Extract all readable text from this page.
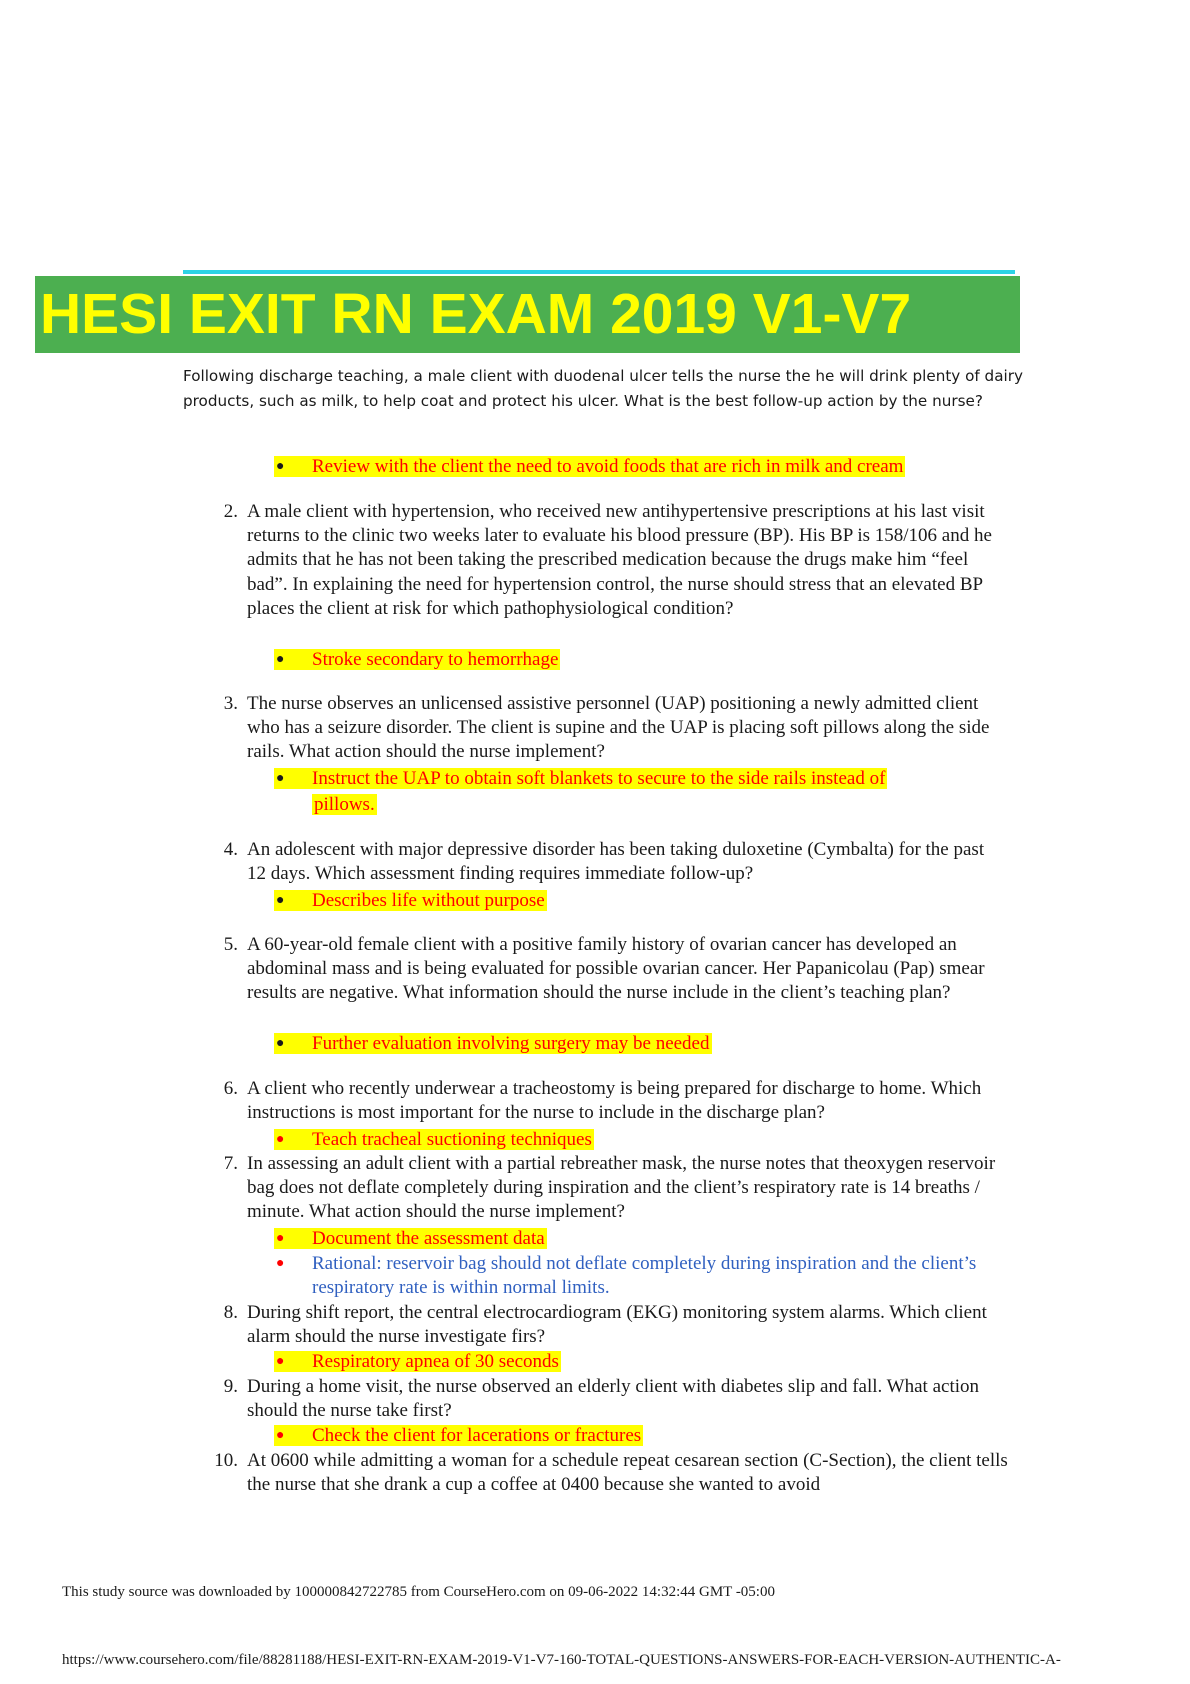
HESI EXIT RN EXAM 2019 V1-V7
Following discharge teaching, a male client with duodenal ulcer tells the nurse the he will drink plenty of dairy products, such as milk, to help coat and protect his ulcer. What is the best follow-up action by the nurse?
●	Review with the client the need to avoid foods that are rich in milk and cream
2. A male client with hypertension, who received new antihypertensive prescriptions at his last visit returns to the clinic two weeks later to evaluate his blood pressure (BP). His BP is 158/106 and he admits that he has not been taking the prescribed medication because the drugs make him “feel bad”. In explaining the need for hypertension control, the nurse should stress that an elevated BP places the client at risk for which pathophysiological condition?

●	Stroke secondary to hemorrhage
3. The nurse observes an unlicensed assistive personnel (UAP) positioning a newly admitted client who has a seizure disorder. The client is supine and the UAP is placing soft pillows along the side rails. What action should the nurse implement?

●	Instruct the UAP to obtain soft blankets to secure to the side rails instead of
pillows.
4. An adolescent with major depressive disorder has been taking duloxetine (Cymbalta) for the past 12 days. Which assessment finding requires immediate follow-up?

●	Describes life without purpose
5. A 60-year-old female client with a positive family history of ovarian cancer has developed an abdominal mass and is being evaluated for possible ovarian cancer. Her Papanicolau (Pap) smear results are negative. What information should the nurse include in the client’s teaching plan?

●	Further evaluation involving surgery may be needed
6. A client who recently underwear a tracheostomy is being prepared for discharge to home. Which instructions is most important for the nurse to include in the discharge plan?

●	Teach tracheal suctioning techniques
7. In assessing an adult client with a partial rebreather mask, the nurse notes that theoxygen reservoir bag does not deflate completely during inspiration and the client’s respiratory rate is 14 breaths / minute. What action should the nurse implement?

●	Document the assessment data
●	Rational: reservoir bag should not deflate completely during inspiration and the client’s respiratory rate is within normal limits.
8. During shift report, the central electrocardiogram (EKG) monitoring system alarms. Which client alarm should the nurse investigate firs?

●	Respiratory apnea of 30 seconds
9. During a home visit, the nurse observed an elderly client with diabetes slip and fall. What action should the nurse take first?

●	Check the client for lacerations or fractures
10. At 0600 while admitting a woman for a schedule repeat cesarean section (C-Section), the client tells the nurse that she drank a cup a coffee at 0400 because she wanted to avoid

This study source was downloaded by 100000842722785 from CourseHero.com on 09-06-2022 14:32:44 GMT -05:00
https://www.coursehero.com/file/88281188/HESI-EXIT-RN-EXAM-2019-V1-V7-160-TOTAL-QUESTIONS-ANSWERS-FOR-EACH-VERSION-AUTHENTIC-A-
